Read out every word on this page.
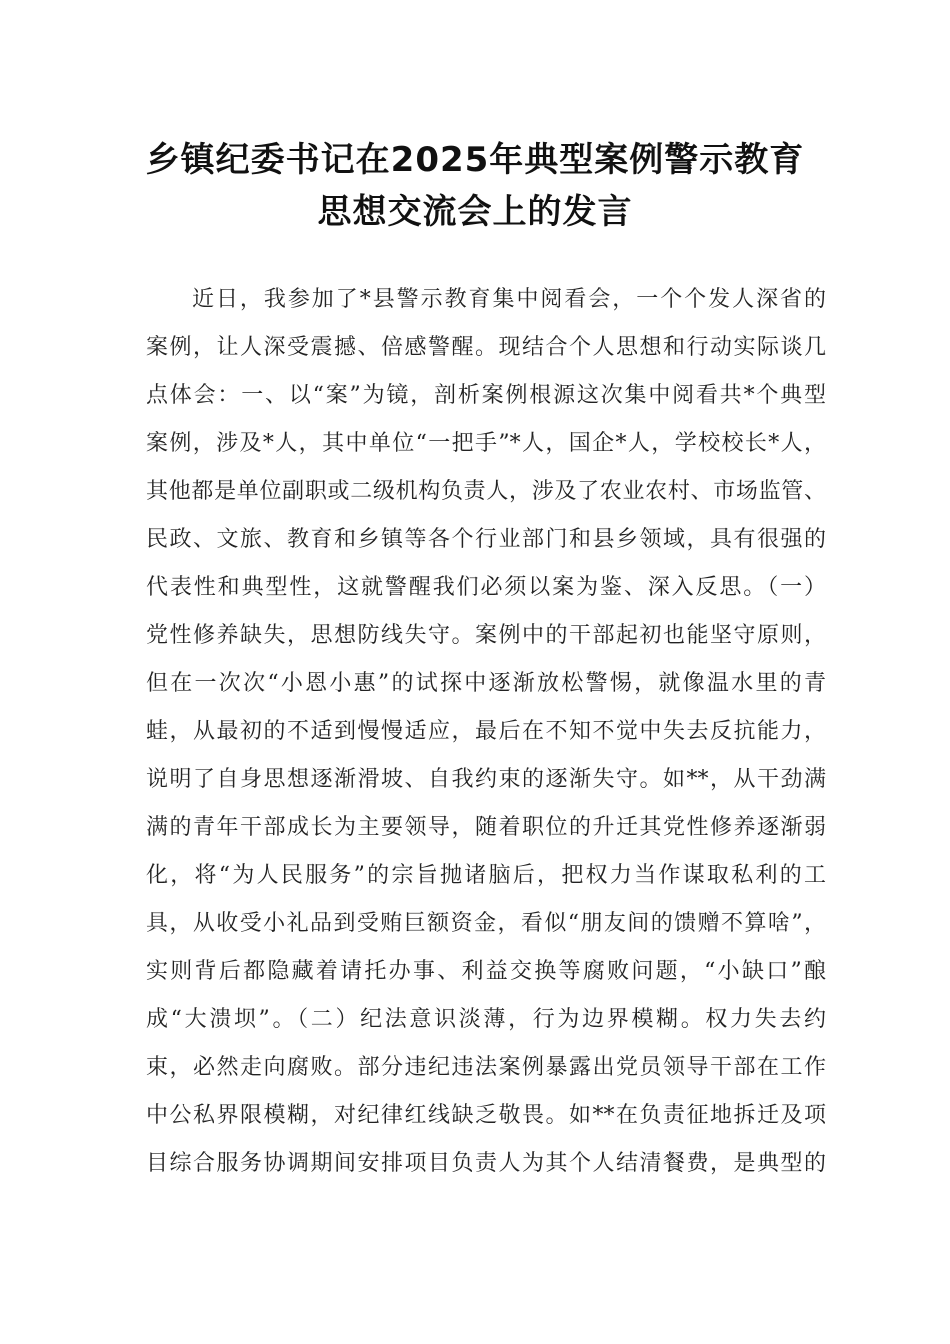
乡镇纪委书记在2025年典型案例警示教育
思想交流会上的发言
近日，我参加了*县警示教育集中阅看会，一个个发人深省的
案例，让人深受震撼、倍感警醒。现结合个人思想和行动实际谈几
点体会：一、以“案”为镜，剖析案例根源这次集中阅看共*个典型
案例，涉及*人，其中单位“一把手”*人，国企*人，学校校长*人，
其他都是单位副职或二级机构负责人，涉及了农业农村、市场监管、
民政、文旅、教育和乡镇等各个行业部门和县乡领域，具有很强的
代表性和典型性，这就警醒我们必须以案为鉴、深入反思。（一）
党性修养缺失，思想防线失守。案例中的干部起初也能坚守原则，
但在一次次“小恩小惠”的试探中逐渐放松警惕，就像温水里的青
蛙，从最初的不适到慢慢适应，最后在不知不觉中失去反抗能力，
说明了自身思想逐渐滑坡、自我约束的逐渐失守。如**，从干劲满
满的青年干部成长为主要领导，随着职位的升迁其党性修养逐渐弱
化，将“为人民服务”的宗旨抛诸脑后，把权力当作谋取私利的工
具，从收受小礼品到受贿巨额资金，看似“朋友间的馈赠不算啥”，
实则背后都隐藏着请托办事、利益交换等腐败问题，“小缺口”酿
成“大溃坝”。（二）纪法意识淡薄，行为边界模糊。权力失去约
束，必然走向腐败。部分违纪违法案例暴露出党员领导干部在工作
中公私界限模糊，对纪律红线缺乏敬畏。如**在负责征地拆迁及项
目综合服务协调期间安排项目负责人为其个人结清餐费，是典型的
